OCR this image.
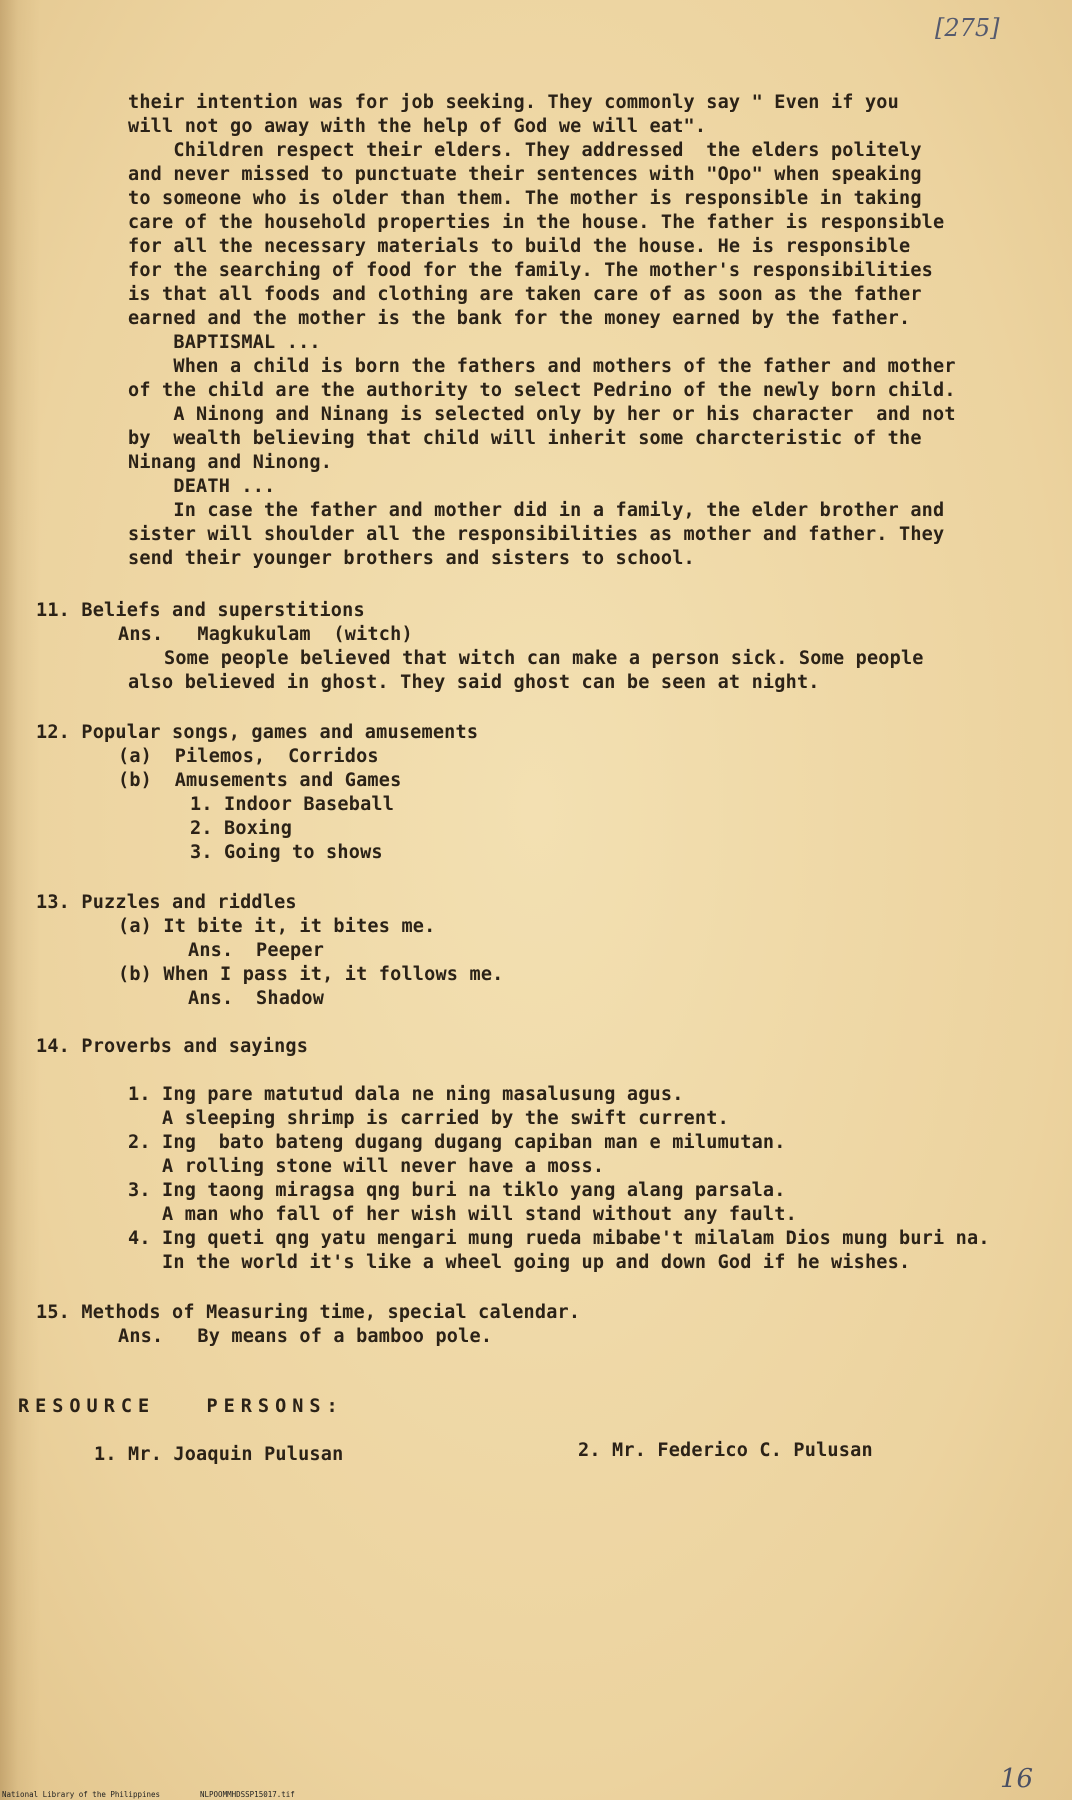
[275]
their intention was for job seeking. They commonly say " Even if you
will not go away with the help of God we will eat".
Children respect their elders. They addressed  the elders politely
and never missed to punctuate their sentences with "Opo" when speaking
to someone who is older than them. The mother is responsible in taking
care of the household properties in the house. The father is responsible
for all the necessary materials to build the house. He is responsible
for the searching of food for the family. The mother's responsibilities
is that all foods and clothing are taken care of as soon as the father
earned and the mother is the bank for the money earned by the father.
BAPTISMAL ...
When a child is born the fathers and mothers of the father and mother
of the child are the authority to select Pedrino of the newly born child.
A Ninong and Ninang is selected only by her or his character  and not
by  wealth believing that child will inherit some charcteristic of the
Ninang and Ninong.
DEATH ...
In case the father and mother did in a family, the elder brother and
sister will shoulder all the responsibilities as mother and father. They
send their younger brothers and sisters to school.
11. Beliefs and superstitions
Ans.   Magkukulam  (witch)
Some people believed that witch can make a person sick. Some people
also believed in ghost. They said ghost can be seen at night.
12. Popular songs, games and amusements
(a)  Pilemos,  Corridos
(b)  Amusements and Games
1. Indoor Baseball
2. Boxing
3. Going to shows
13. Puzzles and riddles
(a) It bite it, it bites me.
Ans.  Peeper
(b) When I pass it, it follows me.
Ans.  Shadow
14. Proverbs and sayings
1. Ing pare matutud dala ne ning masalusung agus.
A sleeping shrimp is carried by the swift current.
2. Ing  bato bateng dugang dugang capiban man e milumutan.
A rolling stone will never have a moss.
3. Ing taong miragsa qng buri na tiklo yang alang parsala.
A man who fall of her wish will stand without any fault.
4. Ing queti qng yatu mengari mung rueda mibabe't milalam Dios mung buri na.
In the world it's like a wheel going up and down God if he wishes.
15. Methods of Measuring time, special calendar.
Ans.   By means of a bamboo pole.
RESOURCE   PERSONS:
1. Mr. Joaquin Pulusan	2. Mr. Federico C. Pulusan
16
National Library of the Philippines	NLPOOMMHDSSP15017.tif
